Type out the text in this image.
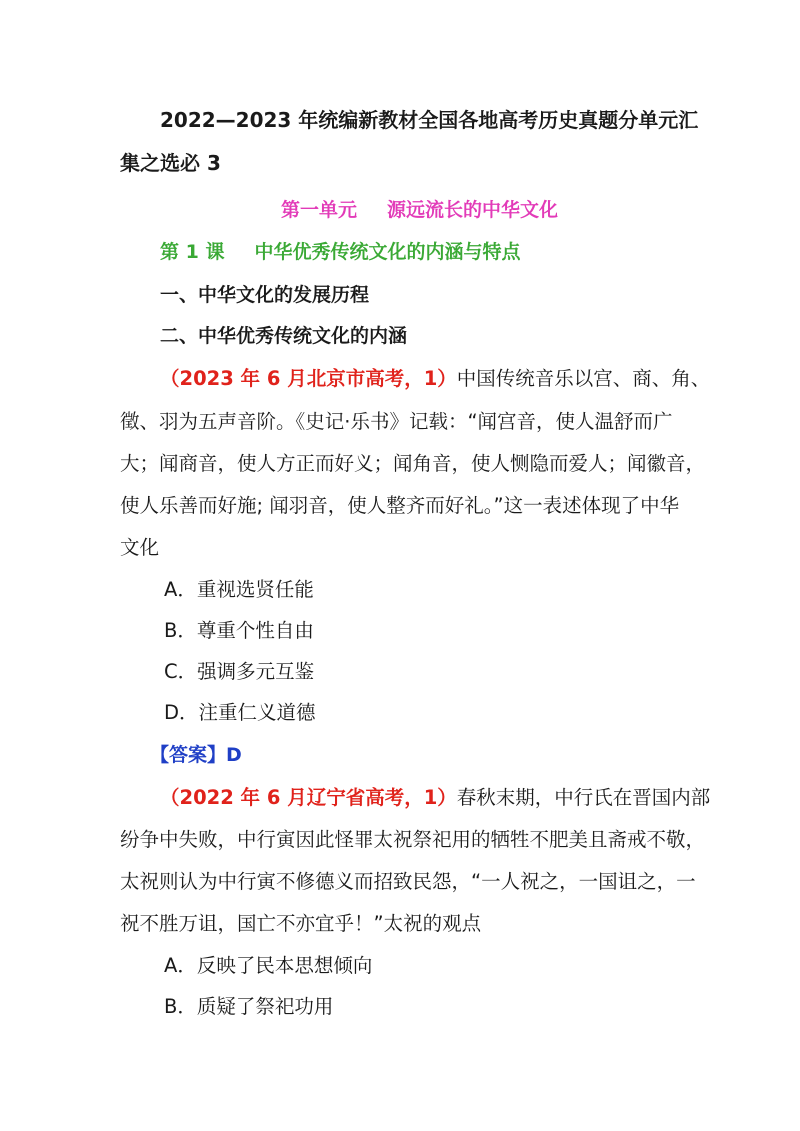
2022—2023 年统编新教材全国各地高考历史真题分单元汇
集之选必 3
第一单元 源远流长的中华文化
第 1 课 中华优秀传统文化的内涵与特点
一、中华文化的发展历程
二、中华优秀传统文化的内涵
（2023 年 6 月北京市高考，1）中国传统音乐以宫、商、角、
徵、羽为五声音阶。《史记·乐书》记载：“闻宫音，使人温舒而广
大；闻商音，使人方正而好义；闻角音，使人恻隐而爱人；闻徽音，
使人乐善而好施; 闻羽音，使人整齐而好礼。”这一表述体现了中华
文化
A．重视选贤任能
B．尊重个性自由
C．强调多元互鉴
D．注重仁义道德
【答案】D
（2022 年 6 月辽宁省高考，1）春秋末期，中行氏在晋国内部
纷争中失败，中行寅因此怪罪太祝祭祀用的牺牲不肥美且斋戒不敬，
太祝则认为中行寅不修德义而招致民怨，“一人祝之，一国诅之，一
祝不胜万诅，国亡不亦宜乎！”太祝的观点
A．反映了民本思想倾向
B．质疑了祭祀功用
